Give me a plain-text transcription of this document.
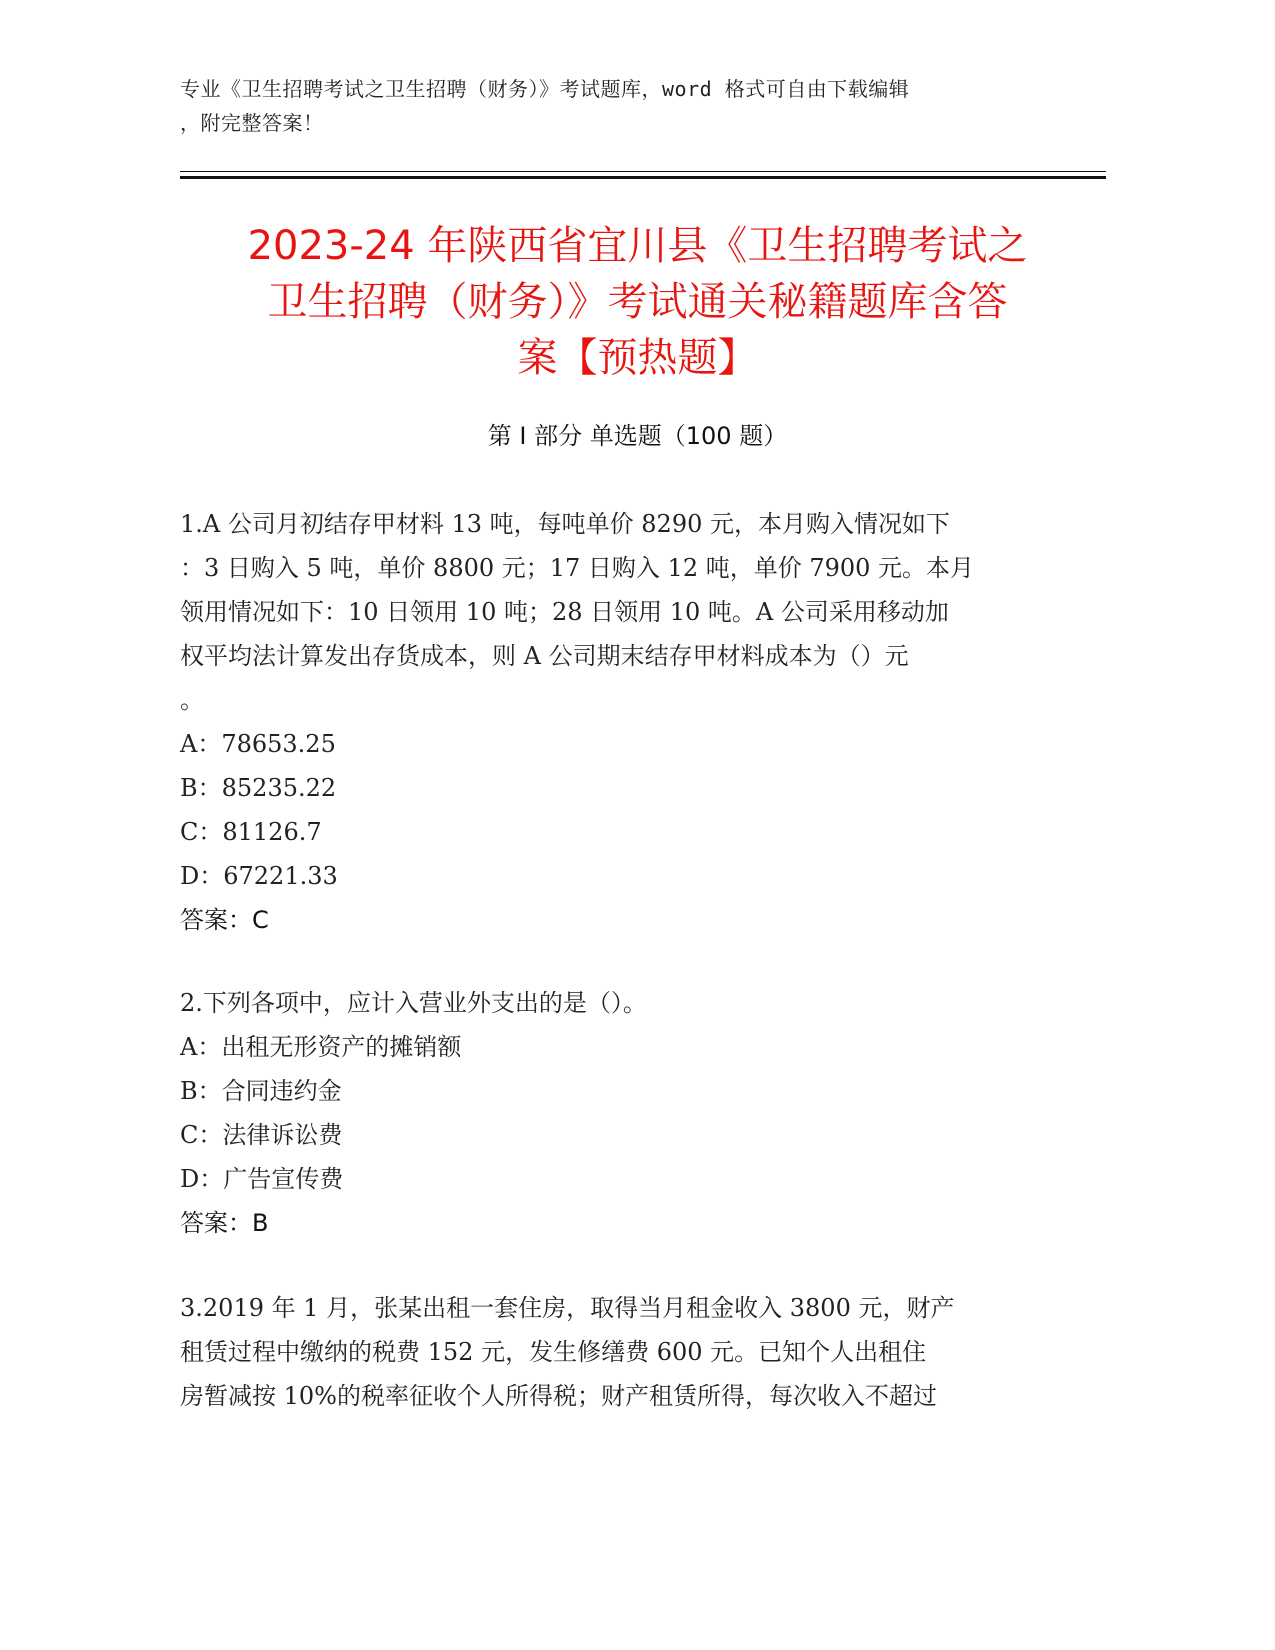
专业《卫生招聘考试之卫生招聘（财务）》考试题库，word 格式可自由下载编辑
，附完整答案！
2023-24 年陕西省宜川县《卫生招聘考试之
卫生招聘（财务）》考试通关秘籍题库含答
案【预热题】
第 I 部分 单选题（100 题）
1.A 公司月初结存甲材料 13 吨，每吨单价 8290 元，本月购入情况如下
：3 日购入 5 吨，单价 8800 元；17 日购入 12 吨，单价 7900 元。本月
领用情况如下：10 日领用 10 吨；28 日领用 10 吨。A 公司采用移动加
权平均法计算发出存货成本，则 A 公司期末结存甲材料成本为（）元
。
A：78653.25
B：85235.22
C：81126.7
D：67221.33
答案：C
2.下列各项中，应计入营业外支出的是（）。
A：出租无形资产的摊销额
B：合同违约金
C：法律诉讼费
D：广告宣传费
答案：B
3.2019 年 1 月，张某出租一套住房，取得当月租金收入 3800 元，财产
租赁过程中缴纳的税费 152 元，发生修缮费 600 元。已知个人出租住
房暂减按 10%的税率征收个人所得税；财产租赁所得，每次收入不超过
